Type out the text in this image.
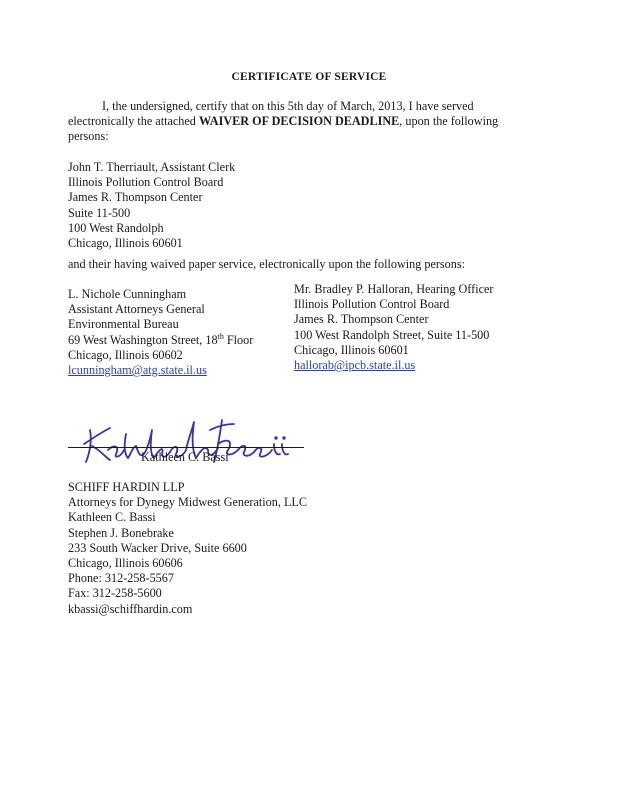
CERTIFICATE OF SERVICE
I, the undersigned, certify that on this 5th day of March, 2013, I have served electronically the attached WAIVER OF DECISION DEADLINE, upon the following persons:

John T. Therriault, Assistant Clerk

Illinois Pollution Control Board

James R. Thompson Center

Suite 11-500

100 West Randolph

Chicago, Illinois 60601

and their having waived paper service, electronically upon the following persons:

L. Nichole Cunningham

Assistant Attorneys General

Environmental Bureau

69 West Washington Street, 18th Floor

Chicago, Illinois 60602

lcunningham@atg.state.il.us

Mr. Bradley P. Halloran, Hearing Officer

Illinois Pollution Control Board

James R. Thompson Center

100 West Randolph Street, Suite 11-500

Chicago, Illinois 60601

hallorab@ipcb.state.il.us

Kathleen C. Bassi

SCHIFF HARDIN LLP

Attorneys for Dynegy Midwest Generation, LLC

Kathleen C. Bassi

Stephen J. Bonebrake

233 South Wacker Drive, Suite 6600

Chicago, Illinois 60606

Phone: 312-258-5567

Fax: 312-258-5600

kbassi@schiffhardin.com
